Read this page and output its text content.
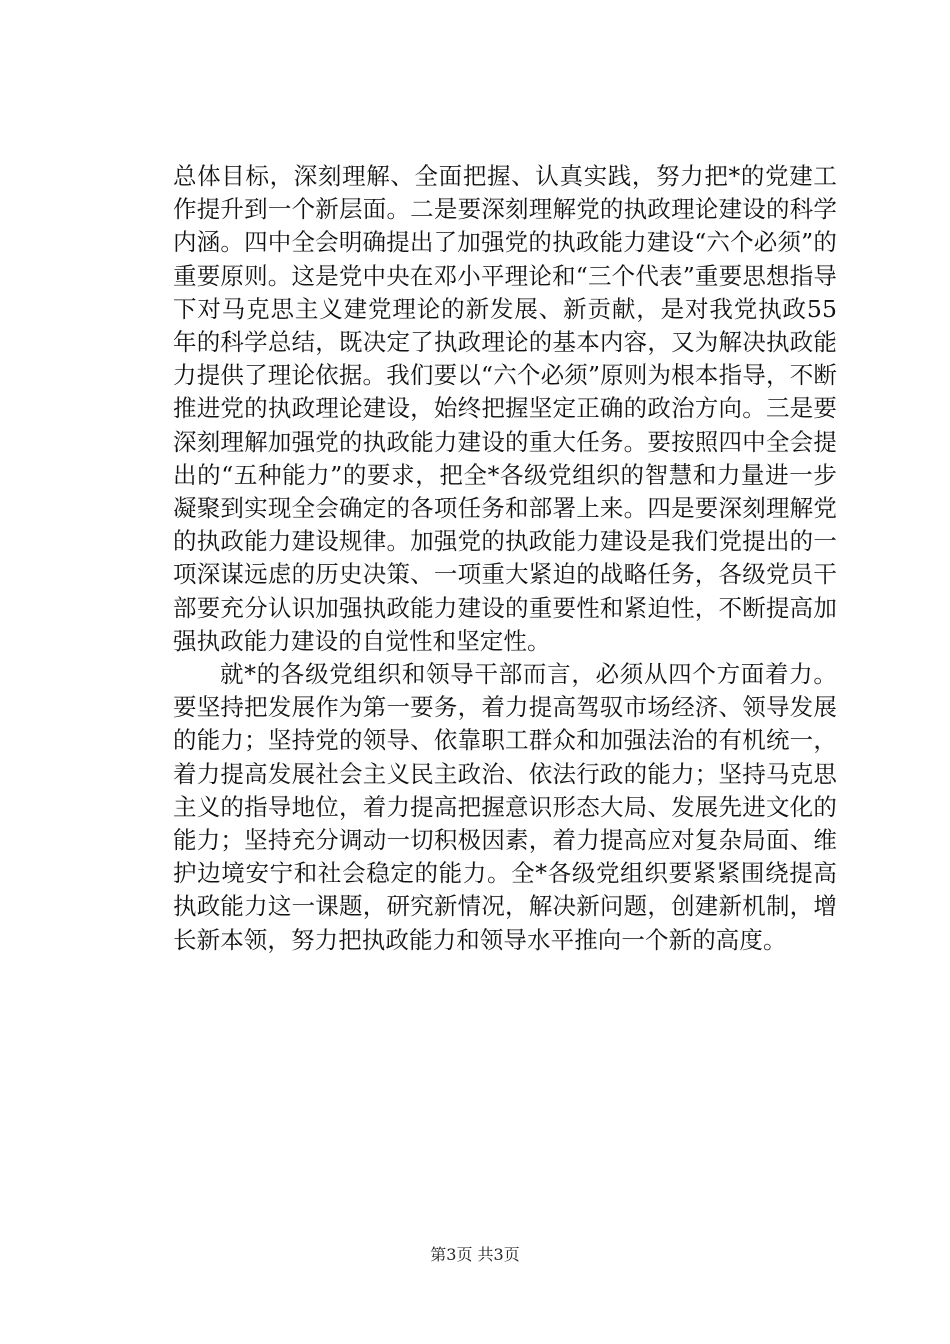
总体目标，深刻理解、全面把握、认真实践，努力把*的党建工作提升到一个新层面。二是要深刻理解党的执政理论建设的科学内涵。四中全会明确提出了加强党的执政能力建设“六个必须”的重要原则。这是党中央在邓小平理论和“三个代表”重要思想指导下对马克思主义建党理论的新发展、新贡献，是对我党执政55年的科学总结，既决定了执政理论的基本内容，又为解决执政能力提供了理论依据。我们要以“六个必须”原则为根本指导，不断推进党的执政理论建设，始终把握坚定正确的政治方向。三是要深刻理解加强党的执政能力建设的重大任务。要按照四中全会提出的“五种能力”的要求，把全*各级党组织的智慧和力量进一步凝聚到实现全会确定的各项任务和部署上来。四是要深刻理解党的执政能力建设规律。加强党的执政能力建设是我们党提出的一项深谋远虑的历史决策、一项重大紧迫的战略任务，各级党员干部要充分认识加强执政能力建设的重要性和紧迫性，不断提高加强执政能力建设的自觉性和坚定性。

就*的各级党组织和领导干部而言，必须从四个方面着力。要坚持把发展作为第一要务，着力提高驾驭市场经济、领导发展的能力；坚持党的领导、依靠职工群众和加强法治的有机统一，着力提高发展社会主义民主政治、依法行政的能力；坚持马克思主义的指导地位，着力提高把握意识形态大局、发展先进文化的能力；坚持充分调动一切积极因素，着力提高应对复杂局面、维护边境安宁和社会稳定的能力。全*各级党组织要紧紧围绕提高执政能力这一课题，研究新情况，解决新问题，创建新机制，增长新本领，努力把执政能力和领导水平推向一个新的高度。

第3页 共3页
